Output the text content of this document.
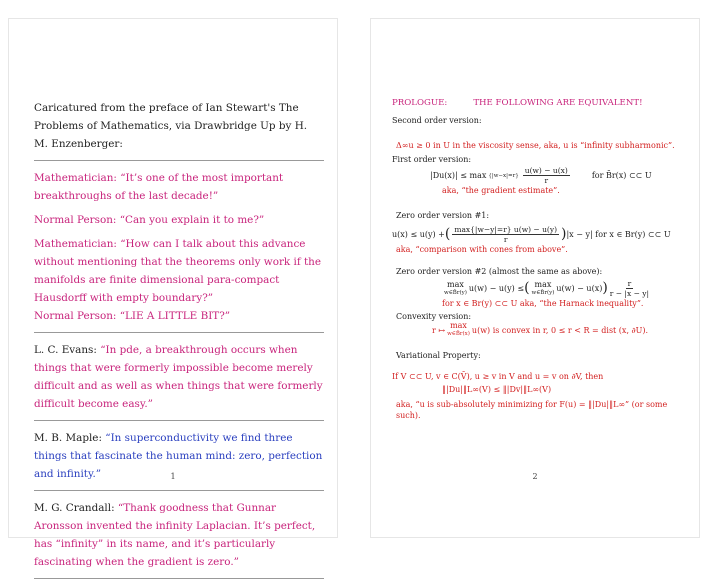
Caricatured from the preface of Ian Stewart's The Problems of Mathematics, via Drawbridge Up by H. M. Enzenberger:

Mathematician: “It’s one of the most important breakthroughs of the last decade!”

Normal Person: “Can you explain it to me?”

Mathematician: “How can I talk about this advance without mentioning that the theorems only work if the manifolds are finite dimensional para-compact Hausdorff with empty boundary?”

Normal Person: “LIE A LITTLE BIT?”

L. C. Evans: “In pde, a breakthrough occurs when things that were formerly impossible become merely difficult and as well as when things that were formerly difficult become easy.”

M. B. Maple: “In superconductivity we find three things that fascinate the human mind: zero, perfection and infinity.”

M. G. Crandall: “Thank goodness that Gunnar Aronsson invented the infinity Laplacian. It’s perfect, has “infinity” in its name, and it’s particularly fascinating when the gradient is zero.”

1
PROLOGUE:	THE FOLLOWING ARE EQUIVALENT!
Second order version:
Δ∞u ≥ 0 in U in the viscosity sense, aka, u is “infinity subharmonic”.
First order version:
$|Du(x)| \le \max \{|w-x|=r\} \frac{u(w) - u(x)}{r}$	for B̄r(x) ⊂⊂ U
aka, “the gradient estimate”.
Zero order version #1:
u(x) ≤ u(y) + ( $\frac{\max\{|w-y|=r\} u(w) - u(y)}{r}$ ) |x − y| for x ∈ Br(y) ⊂⊂ U
aka, “comparison with cones from above”.
Zero order version #2 (almost the same as above):
max
w∈B̄r(y) u(w) − u(y) ≤ ( max
w∈B̄r(y) u(w) − u(x) ) $\frac{r}{r - |x - y|}$
for x ∈ Br(y) ⊂⊂ U aka, “the Harnack inequality”.
Convexity version:
r ↦ max
w∈B̄r(x) u(w) is convex in r, 0 ≤ r < R = dist (x, ∂U).
Variational Property:
If V ⊂⊂ U, v ∈ C(V̄), u ≥ v in V and u = v on ∂V, then
‖|Du|‖L∞(V) ≤ ‖|Dv|‖L∞(V)
aka, “u is sub-absolutely minimizing for F(u) = ‖|Du|‖L∞” (or some such).
2
